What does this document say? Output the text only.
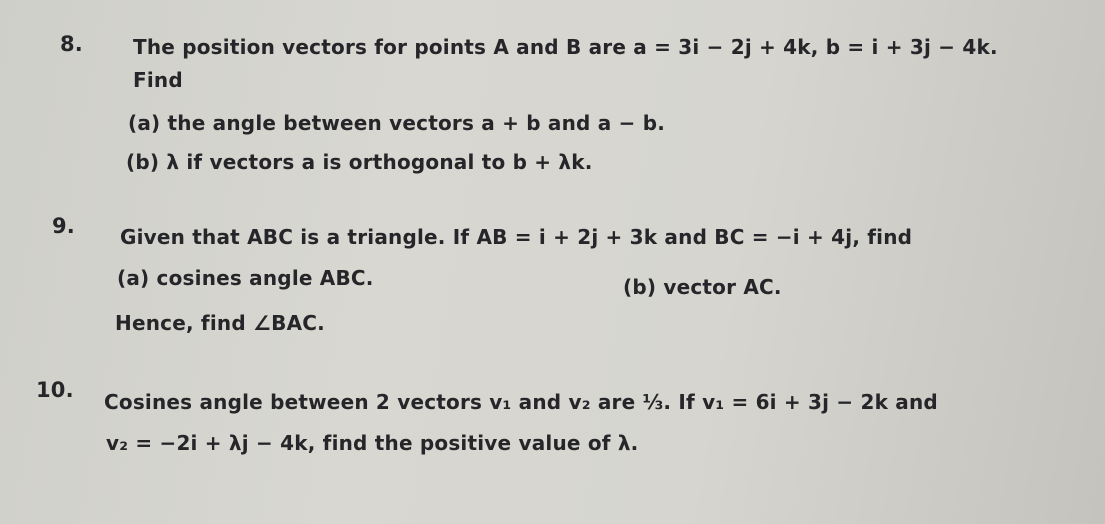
8.	The position vectors for points A and B are a = 3i − 2j + 4k, b = i + 3j − 4k.
Find
(a) the angle between vectors a + b and a − b.
(b) λ if vectors a is orthogonal to b + λk.
9. Given that ABC is a triangle. If AB = i + 2j + 3k and BC = −i + 4j, find
(a) cosines angle ABC.	(b) vector AC.
Hence, find ∠BAC.
10. Cosines angle between 2 vectors v₁ and v₂ are ⅓. If v₁ = 6i + 3j − 2k and
v₂ = −2i + λj − 4k, find the positive value of λ.
